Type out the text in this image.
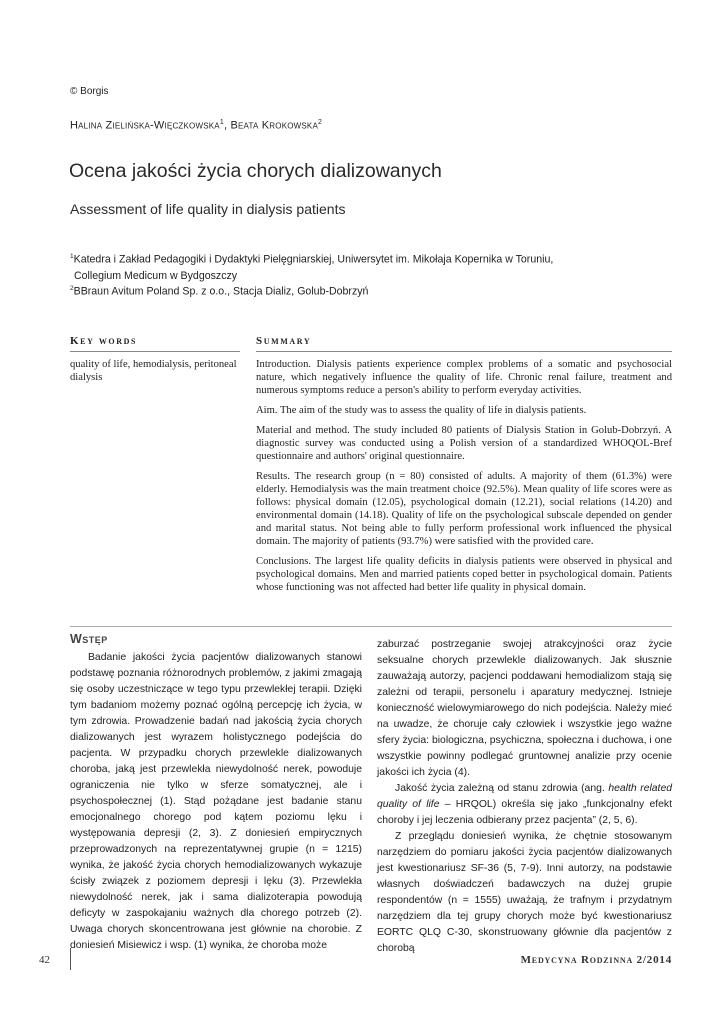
© Borgis
Halina Zielińska-Więczkowska$^1$, Beata Krokowska$^2$
Ocena jakości życia chorych dializowanych
Assessment of life quality in dialysis patients
$^1$Katedra i Zakład Pedagogiki i Dydaktyki Pielęgniarskiej, Uniwersytet im. Mikołaja Kopernika w Toruniu,
Collegium Medicum w Bydgoszczy
$^2$BBraun Avitum Poland Sp. z o.o., Stacja Dializ, Golub-Dobrzyń
Key words
quality of life, hemodialysis, peritoneal dialysis
Summary

Introduction. Dialysis patients experience complex problems of a somatic and psychosocial nature, which negatively influence the quality of life. Chronic renal failure, treatment and numerous symptoms reduce a person's ability to perform everyday activities.

Aim. The aim of the study was to assess the quality of life in dialysis patients.

Material and method. The study included 80 patients of Dialysis Station in Golub-Dobrzyń. A diagnostic survey was conducted using a Polish version of a standardized WHOQOL-Bref questionnaire and authors' original questionnaire.

Results. The research group (n = 80) consisted of adults. A majority of them (61.3%) were elderly. Hemodialysis was the main treatment choice (92.5%). Mean quality of life scores were as follows: physical domain (12.05), psychological domain (12.21), social relations (14.20) and environmental domain (14.18). Quality of life on the psychological subscale depended on gender and marital status. Not being able to fully perform professional work influenced the physical domain. The majority of patients (93.7%) were satisfied with the provided care.

Conclusions. The largest life quality deficits in dialysis patients were observed in physical and psychological domains. Men and married patients coped better in psychological domain. Patients whose functioning was not affected had better life quality in physical domain.

Wstęp

Badanie jakości życia pacjentów dializowanych stanowi podstawę poznania różnorodnych problemów, z jakimi zmagają się osoby uczestniczące w tego typu przewlekłej terapii. Dzięki tym badaniom możemy poznać ogólną percepcję ich życia, w tym zdrowia. Prowadzenie badań nad jakością życia chorych dializowanych jest wyrazem holistycznego podejścia do pacjenta. W przypadku chorych przewlekle dializowanych choroba, jaką jest przewlekła niewydolność nerek, powoduje ograniczenia nie tylko w sferze somatycznej, ale i psychospołecznej (1). Stąd pożądane jest badanie stanu emocjonalnego chorego pod kątem poziomu lęku i występowania depresji (2, 3). Z doniesień empirycznych przeprowadzonych na reprezentatywnej grupie (n = 1215) wynika, że jakość życia chorych hemodializowanych wykazuje ścisły związek z poziomem depresji i lęku (3). Przewlekła niewydolność nerek, jak i sama dializoterapia powodują deficyty w zaspokajaniu ważnych dla chorego potrzeb (2). Uwaga chorych skoncentrowana jest głównie na chorobie. Z doniesień Misiewicz i wsp. (1) wynika, że choroba może

zaburzać postrzeganie swojej atrakcyjności oraz życie seksualne chorych przewlekle dializowanych. Jak słusznie zauważają autorzy, pacjenci poddawani hemodializom stają się zależni od terapii, personelu i aparatury medycznej. Istnieje konieczność wielowymiarowego do nich podejścia. Należy mieć na uwadze, że choruje cały człowiek i wszystkie jego ważne sfery życia: biologiczna, psychiczna, społeczna i duchowa, i one wszystkie powinny podlegać gruntownej analizie przy ocenie jakości ich życia (4).

Jakość życia zależną od stanu zdrowia (ang. health related quality of life – HRQOL) określa się jako „funkcjonalny efekt choroby i jej leczenia odbierany przez pacjenta” (2, 5, 6).

Z przeglądu doniesień wynika, że chętnie stosowanym narzędziem do pomiaru jakości życia pacjentów dializowanych jest kwestionariusz SF-36 (5, 7-9). Inni autorzy, na podstawie własnych doświadczeń badawczych na dużej grupie respondentów (n = 1555) uważają, że trafnym i przydatnym narzędziem dla tej grupy chorych może być kwestionariusz EORTC QLQ C-30, skonstruowany głównie dla pacjentów z chorobą

42	Medycyna Rodzinna 2/2014
